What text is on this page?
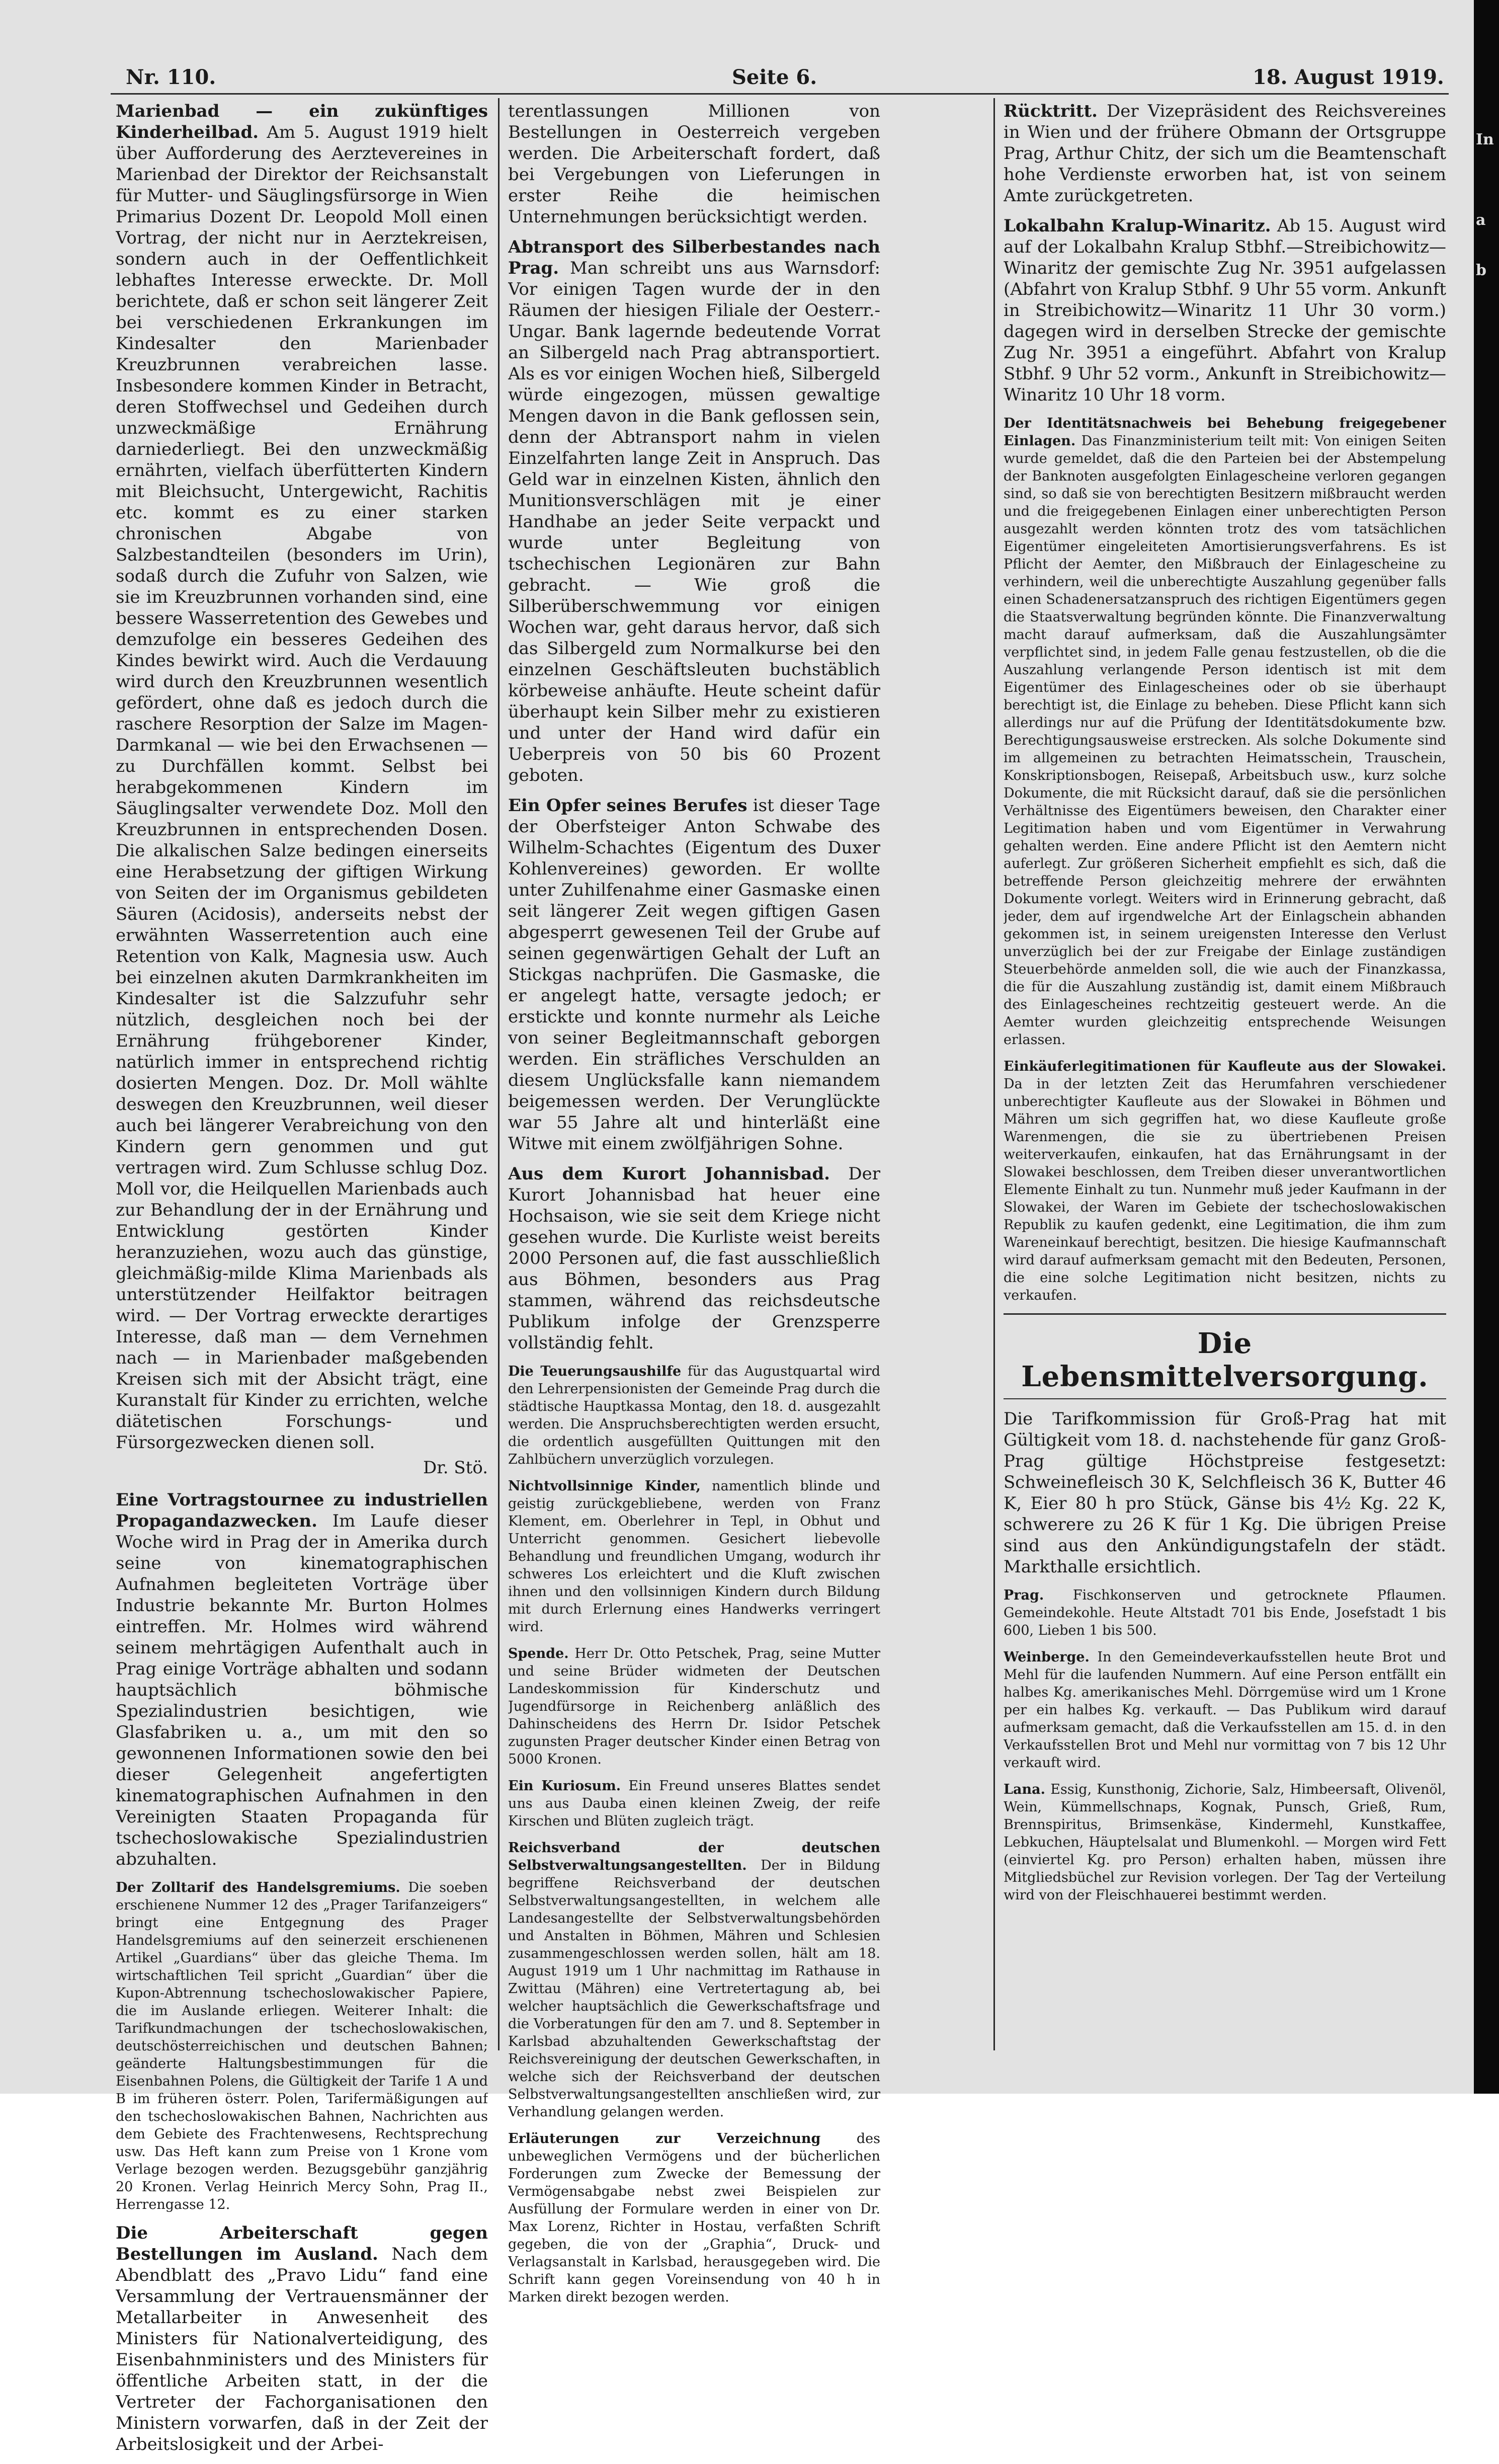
Nr. 110.	Seite 6.	18. August 1919.

Marienbad — ein zukünftiges Kinderheilbad. Am 5. August 1919 hielt über Aufforderung des Aerztevereines in Marienbad der Direktor der Reichsanstalt für Mutter- und Säuglingsfürsorge in Wien Primarius Dozent Dr. Leopold Moll einen Vortrag, der nicht nur in Aerztekreisen, sondern auch in der Oeffentlichkeit lebhaftes Interesse erweckte. Dr. Moll berichtete, daß er schon seit längerer Zeit bei verschiedenen Erkrankungen im Kindesalter den Marienbader Kreuzbrunnen verabreichen lasse. Insbesondere kommen Kinder in Betracht, deren Stoffwechsel und Gedeihen durch unzweckmäßige Ernährung darniederliegt. Bei den unzweckmäßig ernährten, vielfach überfütterten Kindern mit Bleichsucht, Untergewicht, Rachitis etc. kommt es zu einer starken chronischen Abgabe von Salzbestandteilen (besonders im Urin), sodaß durch die Zufuhr von Salzen, wie sie im Kreuzbrunnen vorhanden sind, eine bessere Wasserretention des Gewebes und demzufolge ein besseres Gedeihen des Kindes bewirkt wird. Auch die Verdauung wird durch den Kreuzbrunnen wesentlich gefördert, ohne daß es jedoch durch die raschere Resorption der Salze im Magen-Darmkanal — wie bei den Erwachsenen — zu Durchfällen kommt. Selbst bei herabgekommenen Kindern im Säuglingsalter verwendete Doz. Moll den Kreuzbrunnen in entsprechenden Dosen. Die alkalischen Salze bedingen einerseits eine Herabsetzung der giftigen Wirkung von Seiten der im Organismus gebildeten Säuren (Acidosis), anderseits nebst der erwähnten Wasserretention auch eine Retention von Kalk, Magnesia usw. Auch bei einzelnen akuten Darmkrankheiten im Kindesalter ist die Salzzufuhr sehr nützlich, desgleichen noch bei der Ernährung frühgeborener Kinder, natürlich immer in entsprechend richtig dosierten Mengen. Doz. Dr. Moll wählte deswegen den Kreuzbrunnen, weil dieser auch bei längerer Verabreichung von den Kindern gern genommen und gut vertragen wird. Zum Schlusse schlug Doz. Moll vor, die Heilquellen Marienbads auch zur Behandlung der in der Ernährung und Entwicklung gestörten Kinder heranzuziehen, wozu auch das günstige, gleichmäßig-milde Klima Marienbads als unterstützender Heilfaktor beitragen wird. — Der Vortrag erweckte derartiges Interesse, daß man — dem Vernehmen nach — in Marienbader maßgebenden Kreisen sich mit der Absicht trägt, eine Kuranstalt für Kinder zu errichten, welche diätetischen Forschungs- und Fürsorgezwecken dienen soll.

Dr. Stö.

Eine Vortragstournee zu industriellen Propagandazwecken. Im Laufe dieser Woche wird in Prag der in Amerika durch seine von kinematographischen Aufnahmen begleiteten Vorträge über Industrie bekannte Mr. Burton Holmes eintreffen. Mr. Holmes wird während seinem mehrtägigen Aufenthalt auch in Prag einige Vorträge abhalten und sodann hauptsächlich böhmische Spezialindustrien besichtigen, wie Glasfabriken u. a., um mit den so gewonnenen Informationen sowie den bei dieser Gelegenheit angefertigten kinematographischen Aufnahmen in den Vereinigten Staaten Propaganda für tschechoslowakische Spezialindustrien abzuhalten.

Der Zolltarif des Handelsgremiums. Die soeben erschienene Nummer 12 des „Prager Tarifanzeigers“ bringt eine Entgegnung des Prager Handelsgremiums auf den seinerzeit erschienenen Artikel „Guardians“ über das gleiche Thema. Im wirtschaftlichen Teil spricht „Guardian“ über die Kupon-Abtrennung tschechoslowakischer Papiere, die im Auslande erliegen. Weiterer Inhalt: die Tarifkundmachungen der tschechoslowakischen, deutschösterreichischen und deutschen Bahnen; geänderte Haltungsbestimmungen für die Eisenbahnen Polens, die Gültigkeit der Tarife 1 A und B im früheren österr. Polen, Tarifermäßigungen auf den tschechoslowakischen Bahnen, Nachrichten aus dem Gebiete des Frachtenwesens, Rechtsprechung usw. Das Heft kann zum Preise von 1 Krone vom Verlage bezogen werden. Bezugsgebühr ganzjährig 20 Kronen. Verlag Heinrich Mercy Sohn, Prag II., Herrengasse 12.

Die Arbeiterschaft gegen Bestellungen im Ausland. Nach dem Abendblatt des „Pravo Lidu“ fand eine Versammlung der Vertrauensmänner der Metallarbeiter in Anwesenheit des Ministers für Nationalverteidigung, des Eisenbahnministers und des Ministers für öffentliche Arbeiten statt, in der die Vertreter der Fachorganisationen den Ministern vorwarfen, daß in der Zeit der Arbeitslosigkeit und der Arbei-

terentlassungen Millionen von Bestellungen in Oesterreich vergeben werden. Die Arbeiterschaft fordert, daß bei Vergebungen von Lieferungen in erster Reihe die heimischen Unternehmungen berücksichtigt werden.

Abtransport des Silberbestandes nach Prag. Man schreibt uns aus Warnsdorf: Vor einigen Tagen wurde der in den Räumen der hiesigen Filiale der Oesterr.-Ungar. Bank lagernde bedeutende Vorrat an Silbergeld nach Prag abtransportiert. Als es vor einigen Wochen hieß, Silbergeld würde eingezogen, müssen gewaltige Mengen davon in die Bank geflossen sein, denn der Abtransport nahm in vielen Einzelfahrten lange Zeit in Anspruch. Das Geld war in einzelnen Kisten, ähnlich den Munitionsverschlägen mit je einer Handhabe an jeder Seite verpackt und wurde unter Begleitung von tschechischen Legionären zur Bahn gebracht. — Wie groß die Silberüberschwemmung vor einigen Wochen war, geht daraus hervor, daß sich das Silbergeld zum Normalkurse bei den einzelnen Geschäftsleuten buchstäblich körbeweise anhäufte. Heute scheint dafür überhaupt kein Silber mehr zu existieren und unter der Hand wird dafür ein Ueberpreis von 50 bis 60 Prozent geboten.

Ein Opfer seines Berufes ist dieser Tage der Oberfsteiger Anton Schwabe des Wilhelm-Schachtes (Eigentum des Duxer Kohlenvereines) geworden. Er wollte unter Zuhilfenahme einer Gasmaske einen seit längerer Zeit wegen giftigen Gasen abgesperrt gewesenen Teil der Grube auf seinen gegenwärtigen Gehalt der Luft an Stickgas nachprüfen. Die Gasmaske, die er angelegt hatte, versagte jedoch; er erstickte und konnte nurmehr als Leiche von seiner Begleitmannschaft geborgen werden. Ein sträfliches Verschulden an diesem Unglücksfalle kann niemandem beigemessen werden. Der Verunglückte war 55 Jahre alt und hinterläßt eine Witwe mit einem zwölfjährigen Sohne.

Aus dem Kurort Johannisbad. Der Kurort Johannisbad hat heuer eine Hochsaison, wie sie seit dem Kriege nicht gesehen wurde. Die Kurliste weist bereits 2000 Personen auf, die fast ausschließlich aus Böhmen, besonders aus Prag stammen, während das reichsdeutsche Publikum infolge der Grenzsperre vollständig fehlt.

Die Teuerungsaushilfe für das Augustquartal wird den Lehrerpensionisten der Gemeinde Prag durch die städtische Hauptkassa Montag, den 18. d. ausgezahlt werden. Die Anspruchsberechtigten werden ersucht, die ordentlich ausgefüllten Quittungen mit den Zahlbüchern unverzüglich vorzulegen.

Nichtvollsinnige Kinder, namentlich blinde und geistig zurückgebliebene, werden von Franz Klement, em. Oberlehrer in Tepl, in Obhut und Unterricht genommen. Gesichert liebevolle Behandlung und freundlichen Umgang, wodurch ihr schweres Los erleichtert und die Kluft zwischen ihnen und den vollsinnigen Kindern durch Bildung mit durch Erlernung eines Handwerks verringert wird.

Spende. Herr Dr. Otto Petschek, Prag, seine Mutter und seine Brüder widmeten der Deutschen Landeskommission für Kinderschutz und Jugendfürsorge in Reichenberg anläßlich des Dahinscheidens des Herrn Dr. Isidor Petschek zugunsten Prager deutscher Kinder einen Betrag von 5000 Kronen.

Ein Kuriosum. Ein Freund unseres Blattes sendet uns aus Dauba einen kleinen Zweig, der reife Kirschen und Blüten zugleich trägt.

Reichsverband der deutschen Selbstverwaltungsangestellten. Der in Bildung begriffene Reichsverband der deutschen Selbstverwaltungsangestellten, in welchem alle Landesangestellte der Selbstverwaltungsbehörden und Anstalten in Böhmen, Mähren und Schlesien zusammengeschlossen werden sollen, hält am 18. August 1919 um 1 Uhr nachmittag im Rathause in Zwittau (Mähren) eine Vertretertagung ab, bei welcher hauptsächlich die Gewerkschaftsfrage und die Vorberatungen für den am 7. und 8. September in Karlsbad abzuhaltenden Gewerkschaftstag der Reichsvereinigung der deutschen Gewerkschaften, in welche sich der Reichsverband der deutschen Selbstverwaltungsangestellten anschließen wird, zur Verhandlung gelangen werden.

Erläuterungen zur Verzeichnung	des unbeweglichen Vermögens und der bücherlichen Forderungen zum Zwecke der Bemessung der Vermögensabgabe nebst zwei Beispielen zur Ausfüllung der Formulare werden in einer von Dr. Max Lorenz, Richter in Hostau, verfaßten Schrift gegeben, die von der „Graphia“, Druck- und Verlagsanstalt in Karlsbad, herausgegeben wird. Die Schrift kann gegen Voreinsendung von 40 h in Marken direkt bezogen werden.

Rücktritt. Der Vizepräsident des Reichsvereines in Wien und der frühere Obmann der Ortsgruppe Prag, Arthur Chitz, der sich um die Beamtenschaft hohe Verdienste erworben hat, ist von seinem Amte zurückgetreten.

Lokalbahn Kralup-Winaritz. Ab 15. August wird auf der Lokalbahn Kralup Stbhf.—Streibichowitz—Winaritz der gemischte Zug Nr. 3951 aufgelassen (Abfahrt von Kralup Stbhf. 9 Uhr 55 vorm. Ankunft in Streibichowitz—Winaritz 11 Uhr 30 vorm.) dagegen wird in derselben Strecke der gemischte Zug Nr. 3951 a eingeführt. Abfahrt von Kralup Stbhf. 9 Uhr 52 vorm., Ankunft in Streibichowitz—Winaritz 10 Uhr 18 vorm.

Der Identitätsnachweis bei Behebung freigegebener Einlagen. Das Finanzministerium teilt mit: Von einigen Seiten wurde gemeldet, daß die den Parteien bei der Abstempelung der Banknoten ausgefolgten Einlagescheine verloren gegangen sind, so daß sie von berechtigten Besitzern mißbraucht werden und die freigegebenen Einlagen einer unberechtigten Person ausgezahlt werden könnten trotz des vom tatsächlichen Eigentümer eingeleiteten Amortisierungsverfahrens. Es ist Pflicht der Aemter, den Mißbrauch der Einlagescheine zu verhindern, weil die unberechtigte Auszahlung gegenüber falls einen Schadenersatzanspruch des richtigen Eigentümers gegen die Staatsverwaltung begründen könnte. Die Finanzverwaltung macht darauf aufmerksam, daß die Auszahlungsämter verpflichtet sind, in jedem Falle genau festzustellen, ob die die Auszahlung verlangende Person identisch ist mit dem Eigentümer des Einlagescheines oder ob sie überhaupt berechtigt ist, die Einlage zu beheben. Diese Pflicht kann sich allerdings nur auf die Prüfung der Identitätsdokumente bzw. Berechtigungsausweise erstrecken. Als solche Dokumente sind im allgemeinen zu betrachten Heimatsschein, Trauschein, Konskriptionsbogen, Reisepaß, Arbeitsbuch usw., kurz solche Dokumente, die mit Rücksicht darauf, daß sie die persönlichen Verhältnisse des Eigentümers beweisen, den Charakter einer Legitimation haben und vom Eigentümer in Verwahrung gehalten werden. Eine andere Pflicht ist den Aemtern nicht auferlegt. Zur größeren Sicherheit empfiehlt es sich, daß die betreffende Person gleichzeitig mehrere der erwähnten Dokumente vorlegt. Weiters wird in Erinnerung gebracht, daß jeder, dem auf irgendwelche Art der Einlagschein abhanden gekommen ist, in seinem ureigensten Interesse den Verlust unverzüglich bei der zur Freigabe der Einlage zuständigen Steuerbehörde anmelden soll, die wie auch der Finanzkassa, die für die Auszahlung zuständig ist, damit einem Mißbrauch des Einlagescheines rechtzeitig gesteuert werde. An die Aemter wurden gleichzeitig entsprechende Weisungen erlassen.

Einkäuferlegitimationen für Kaufleute aus der Slowakei. Da in der letzten Zeit das Herumfahren verschiedener unberechtigter Kaufleute aus der Slowakei in Böhmen und Mähren um sich gegriffen hat, wo diese Kaufleute große Warenmengen, die sie zu übertriebenen Preisen weiterverkaufen, einkaufen, hat das Ernährungsamt in der Slowakei beschlossen, dem Treiben dieser unverantwortlichen Elemente Einhalt zu tun. Nunmehr muß jeder Kaufmann in der Slowakei, der Waren im Gebiete der tschechoslowakischen Republik zu kaufen gedenkt, eine Legitimation, die ihm zum Wareneinkauf berechtigt, besitzen. Die hiesige Kaufmannschaft wird darauf aufmerksam gemacht mit den Bedeuten, Personen, die eine solche Legitimation nicht besitzen, nichts zu verkaufen.

Die Lebensmittelversorgung.

Die Tarifkommission für Groß-Prag hat mit Gültigkeit vom 18. d. nachstehende für ganz Groß-Prag gültige Höchstpreise festgesetzt: Schweinefleisch 30 K, Selchfleisch 36 K, Butter 46 K, Eier 80 h pro Stück, Gänse bis 4½ Kg. 22 K, schwerere zu 26 K für 1 Kg. Die übrigen Preise sind aus den Ankündigungstafeln der städt. Markthalle ersichtlich.

Prag. Fischkonserven und getrocknete Pflaumen. Gemeindekohle. Heute Altstadt 701 bis Ende, Josefstadt 1 bis 600, Lieben 1 bis 500.

Weinberge. In den Gemeindeverkaufsstellen heute Brot und Mehl für die laufenden Nummern. Auf eine Person entfällt ein halbes Kg. amerikanisches Mehl. Dörrgemüse wird um 1 Krone per ein halbes Kg. verkauft. — Das Publikum wird darauf aufmerksam gemacht, daß die Verkaufsstellen am 15. d. in den Verkaufsstellen Brot und Mehl nur vormittag von 7 bis 12 Uhr verkauft wird.

Lana. Essig, Kunsthonig, Zichorie, Salz, Himbeersaft, Olivenöl, Wein, Kümmellschnaps, Kognak, Punsch, Grieß, Rum, Brennspiritus, Brimsenkäse, Kindermehl, Kunstkaffee, Lebkuchen, Häuptelsalat und Blumenkohl. — Morgen wird Fett (einviertel Kg. pro Person) erhalten haben, müssen ihre Mitgliedsbüchel zur Revision vorlegen. Der Tag der Verteilung wird von der Fleischhauerei bestimmt werden.

In
a
b
